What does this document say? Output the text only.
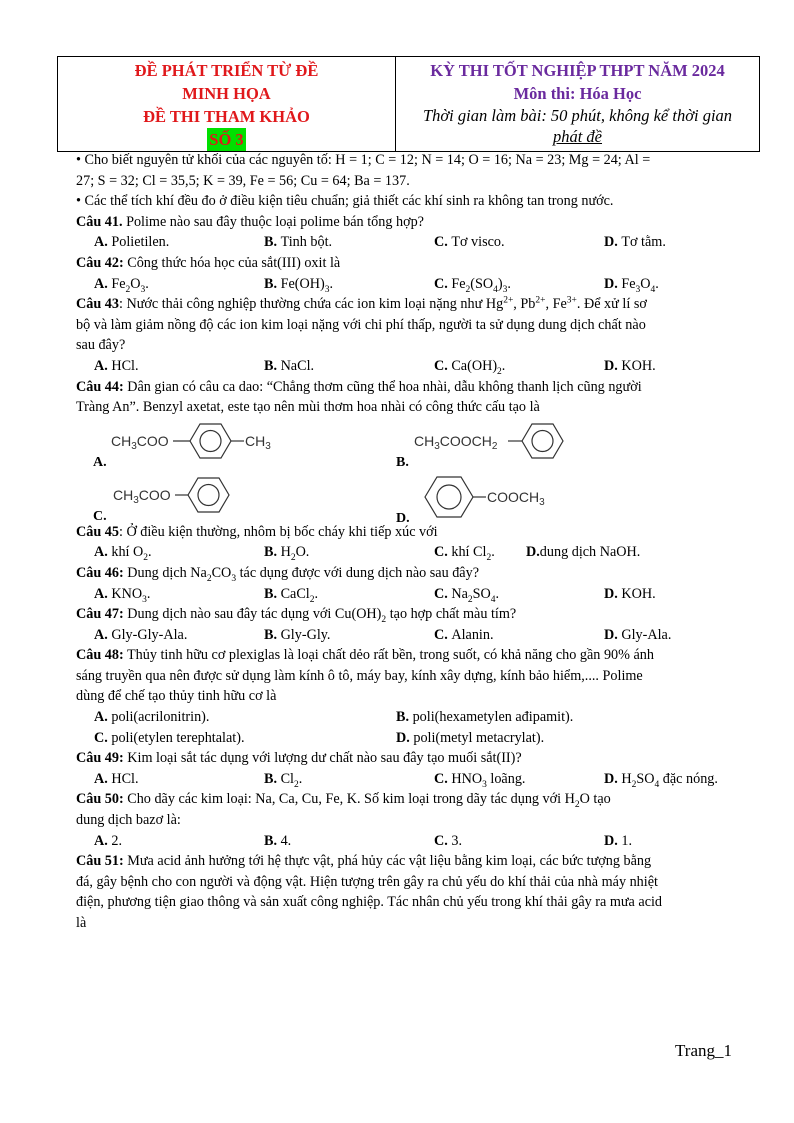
ĐỀ PHÁT TRIỂN TỪ ĐỀ
MINH HỌA
ĐỀ THI THAM KHẢO
SỐ 3
KỲ THI TỐT NGHIỆP THPT NĂM 2024
Môn thi: Hóa Học
Thời gian làm bài: 50 phút, không kể thời gian
phát đề
• Cho biết nguyên tử khối của các nguyên tố: H = 1; C = 12; N = 14; O = 16; Na = 23; Mg = 24; Al =
27; S = 32; Cl = 35,5; K = 39, Fe = 56; Cu = 64; Ba = 137.
• Các thể tích khí đều đo ở điều kiện tiêu chuẩn; giả thiết các khí sinh ra không tan trong nước.
Câu 41. Polime nào sau đây thuộc loại polime bán tổng hợp?
A. Polietilen.	B. Tinh bột.	C. Tơ visco.	D. Tơ tằm.
Câu 42: Công thức hóa học của sắt(III) oxit là
A. $Fe_2O_3$.	B. $Fe(OH)_3$.	C. $Fe_2(SO_4)_3$.	D. $Fe_3O_4$.
Câu 43: Nước thải công nghiệp thường chứa các ion kim loại nặng như $Hg^{2+}$, $Pb^{2+}$, $Fe^{3+}$. Để xử lí sơ
bộ và làm giảm nồng độ các ion kim loại nặng với chi phí thấp, người ta sử dụng dung dịch chất nào
sau đây?
A. HCl.	B. NaCl.	C. $Ca(OH)_2$.	D. KOH.
Câu 44: Dân gian có câu ca dao: “Chẳng thơm cũng thể hoa nhài, dẫu không thanh lịch cũng người
Tràng An”. Benzyl axetat, este tạo nên mùi thơm hoa nhài có công thức cấu tạo là
$CH_3COO$	$CH_3$
A.
$CH_3COOCH_2$
B.
$CH_3COO$
C.
$COOCH_3$
D.
Câu 45: Ở điều kiện thường, nhôm bị bốc cháy khi tiếp xúc với
A. khí $O_2$.	B. $H_2O$.	C. khí $Cl_2$.	D.dung dịch NaOH.
Câu 46: Dung dịch $Na_2CO_3$ tác dụng được với dung dịch nào sau đây?
A. $KNO_3$.	B. CaCl$_2$.	C. $Na_2SO_4$.	D. KOH.
Câu 47: Dung dịch nào sau đây tác dụng với $Cu(OH)_2$ tạo hợp chất màu tím?
A. Gly-Gly-Ala.	B. Gly-Gly.	C. Alanin.	D. Gly-Ala.
Câu 48: Thủy tinh hữu cơ plexiglas là loại chất dẻo rất bền, trong suốt, có khả năng cho gần 90% ánh
sáng truyền qua nên được sử dụng làm kính ô tô, máy bay, kính xây dựng, kính bảo hiểm,.... Polime
dùng để chế tạo thủy tinh hữu cơ là
A. poli(acrilonitrin).	B. poli(hexametylen ađipamit).
C. poli(etylen terephtalat).	D. poli(metyl metacrylat).
Câu 49: Kim loại sắt tác dụng với lượng dư chất nào sau đây tạo muối sắt(II)?
A. HCl.	B. $Cl_2$.	C. $HNO_3$ loãng.	D. $H_2SO_4$ đặc nóng.
Câu 50: Cho dãy các kim loại: Na, Ca, Cu, Fe, K. Số kim loại trong dãy tác dụng với $H_2O$ tạo
dung dịch bazơ là:
A. 2.	B. 4.	C. 3.	D. 1.
Câu 51: Mưa acid ảnh hưởng tới hệ thực vật, phá hủy các vật liệu bằng kim loại, các bức tượng bằng
đá, gây bệnh cho con người và động vật. Hiện tượng trên gây ra chủ yếu do khí thải của nhà máy nhiệt
điện, phương tiện giao thông và sản xuất công nghiệp. Tác nhân chủ yếu trong khí thải gây ra mưa acid
là
Trang_1
